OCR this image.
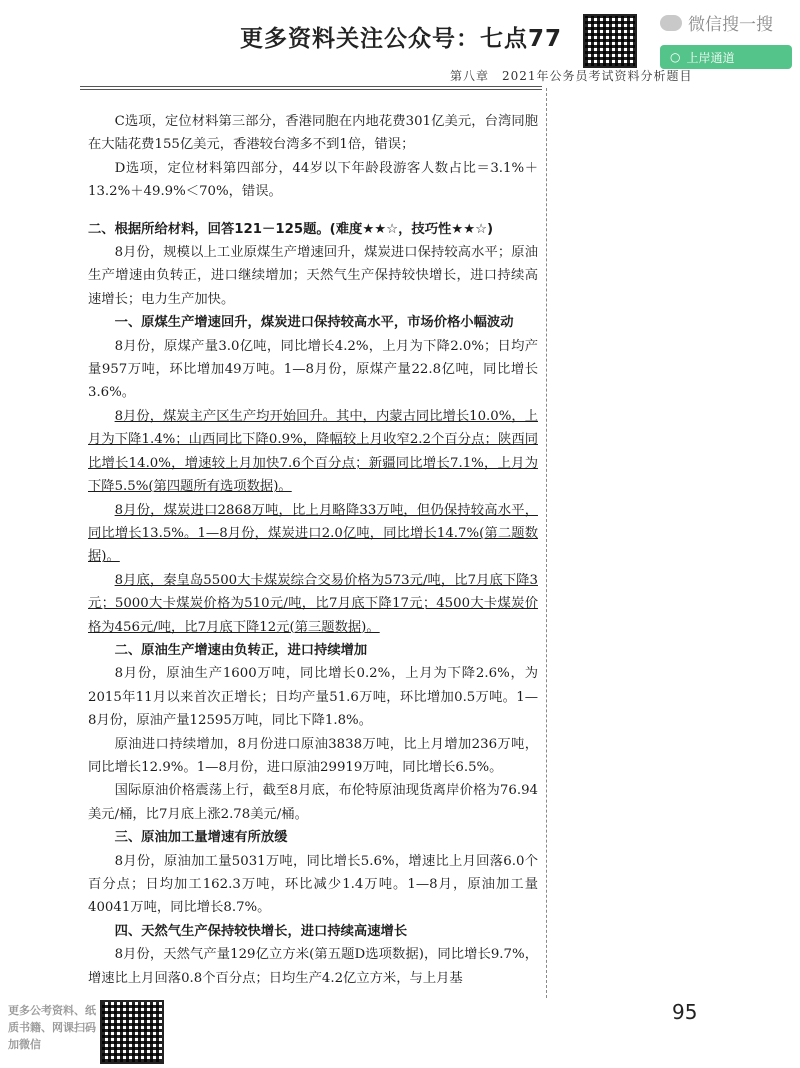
更多资料关注公众号：七点77
微信搜一搜
○ 上岸通道
第八章　2021年公务员考试资料分析题目

C选项，定位材料第三部分，香港同胞在内地花费301亿美元，台湾同胞在大陆花费155亿美元，香港较台湾多不到1倍，错误；

D选项，定位材料第四部分，44岁以下年龄段游客人数占比＝3.1%＋13.2%＋49.9%＜70%，错误。

二、根据所给材料，回答121－125题。(难度★★☆，技巧性★★☆)

8月份，规模以上工业原煤生产增速回升，煤炭进口保持较高水平；原油生产增速由负转正，进口继续增加；天然气生产保持较快增长，进口持续高速增长；电力生产加快。

一、原煤生产增速回升，煤炭进口保持较高水平，市场价格小幅波动

8月份，原煤产量3.0亿吨，同比增长4.2%，上月为下降2.0%；日均产量957万吨，环比增加49万吨。1—8月份，原煤产量22.8亿吨，同比增长3.6%。

8月份，煤炭主产区生产均开始回升。其中，内蒙古同比增长10.0%，上月为下降1.4%；山西同比下降0.9%，降幅较上月收窄2.2个百分点；陕西同比增长14.0%，增速较上月加快7.6个百分点；新疆同比增长7.1%，上月为下降5.5%(第四题所有选项数据)。

8月份，煤炭进口2868万吨，比上月略降33万吨，但仍保持较高水平，同比增长13.5%。1—8月份，煤炭进口2.0亿吨，同比增长14.7%(第二题数据)。

8月底，秦皇岛5500大卡煤炭综合交易价格为573元/吨，比7月底下降3元；5000大卡煤炭价格为510元/吨，比7月底下降17元；4500大卡煤炭价格为456元/吨，比7月底下降12元(第三题数据)。

二、原油生产增速由负转正，进口持续增加

8月份，原油生产1600万吨，同比增长0.2%，上月为下降2.6%，为2015年11月以来首次正增长；日均产量51.6万吨，环比增加0.5万吨。1—8月份，原油产量12595万吨，同比下降1.8%。

原油进口持续增加，8月份进口原油3838万吨，比上月增加236万吨，同比增长12.9%。1—8月份，进口原油29919万吨，同比增长6.5%。

国际原油价格震荡上行，截至8月底，布伦特原油现货离岸价格为76.94美元/桶，比7月底上涨2.78美元/桶。

三、原油加工量增速有所放缓

8月份，原油加工量5031万吨，同比增长5.6%，增速比上月回落6.0个百分点；日均加工162.3万吨，环比减少1.4万吨。1—8月，原油加工量40041万吨，同比增长8.7%。

四、天然气生产保持较快增长，进口持续高速增长

8月份，天然气产量129亿立方米(第五题D选项数据)，同比增长9.7%，增速比上月回落0.8个百分点；日均生产4.2亿立方米，与上月基

更多公考资料、纸质书籍、网课扫码加微信
95
